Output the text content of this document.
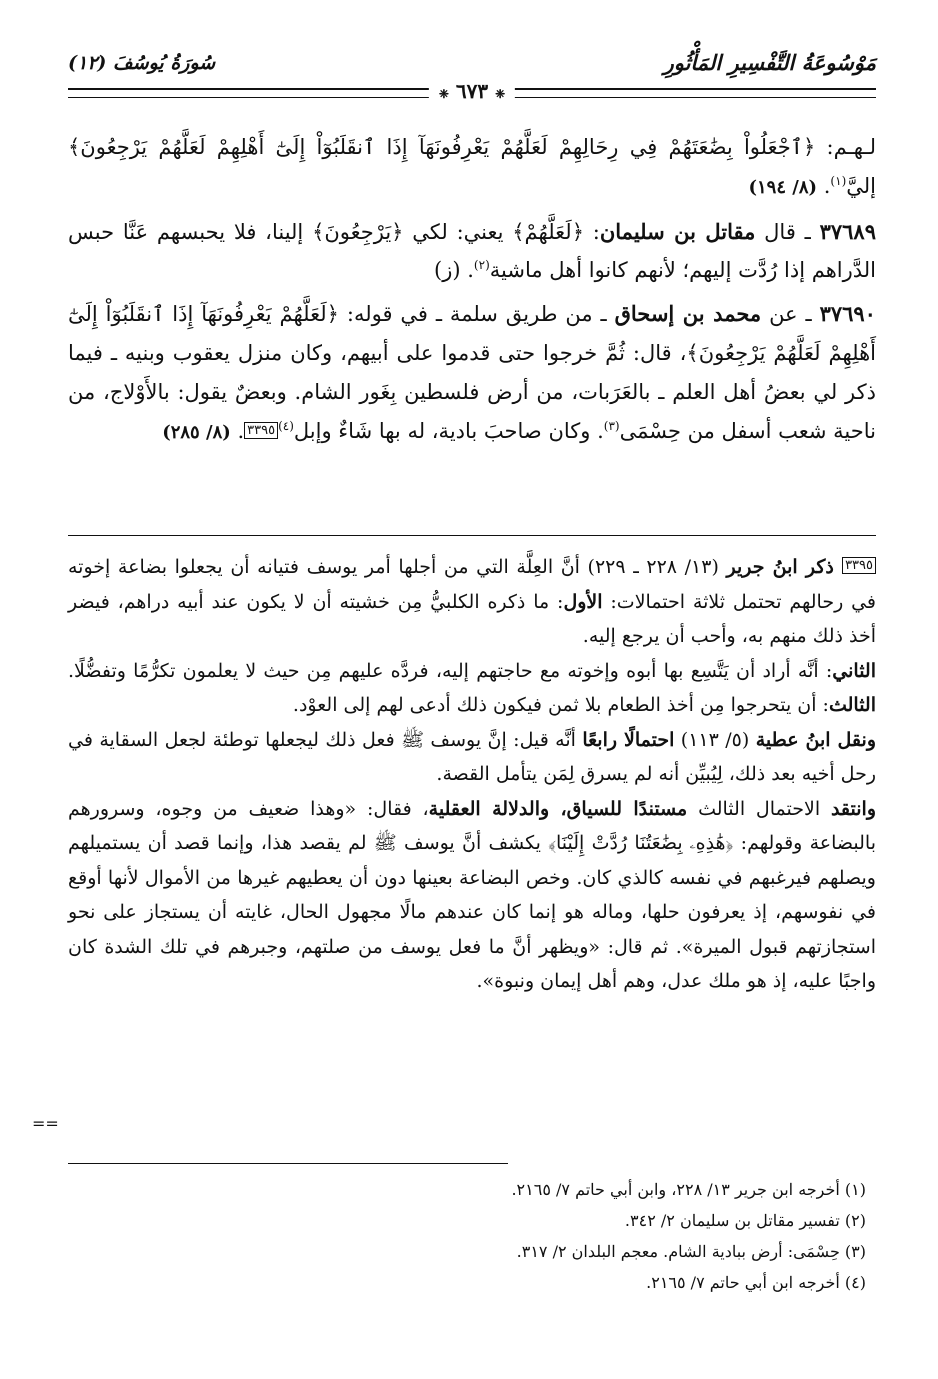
مَوْسُوعَةُ التَّفْسِيرِ المَأْثُورِ
سُورَةُ يُوسُفَ (١٢)
❈ ٦٧٣ ❈

لـهـم: ﴿ٱجْعَلُواْ بِضَٰعَتَهُمْ فِي رِحَالِهِمْ لَعَلَّهُمْ يَعْرِفُونَهَآ إِذَا ٱنقَلَبُوٓاْ إِلَىٰٓ أَهْلِهِمْ لَعَلَّهُمْ يَرْجِعُونَ﴾ إليَّ$^{(١)}$. (٨/ ١٩٤)

٣٧٦٨٩ ـ قال مقاتل بن سليمان: ﴿لَعَلَّهُمْ﴾ يعني: لكي ﴿يَرْجِعُونَ﴾ إلينا، فلا يحبسهم عَنَّا حبس الدَّراهم إذا رُدَّت إليهم؛ لأنهم كانوا أهل ماشية$^{(٢)}$. (ز)

٣٧٦٩٠ ـ عن محمد بن إسحاق ـ من طريق سلمة ـ في قوله: ﴿لَعَلَّهُمْ يَعْرِفُونَهَآ إِذَا ٱنقَلَبُوٓاْ إِلَىٰٓ أَهْلِهِمْ لَعَلَّهُمْ يَرْجِعُونَ﴾، قال: ثُمَّ خرجوا حتى قدموا على أبيهم، وكان منزل يعقوب وبنيه ـ فيما ذكر لي بعضُ أهل العلم ـ بالعَرَبات، من أرض فلسطين بِغَور الشام. وبعضٌ يقول: بالأَوْلاج، من ناحية شعب أسفل من حِسْمَى$^{(٣)}$. وكان صاحبَ بادية، له بها شَاءٌ وإبل$^{(٤)}$٣٣٩٥. (٨/ ٢٨٥)

$^{٣٣٩٥}$ ذكر ابنُ جرير (١٣/ ٢٢٨ ـ ٢٢٩) أنَّ العِلَّة التي من أجلها أمر يوسف فتيانه أن يجعلوا بضاعة إخوته في رحالهم تحتمل ثلاثة احتمالات: الأول: ما ذكره الكلبيُّ مِن خشيته أن لا يكون عند أبيه دراهم، فيضر أخذ ذلك منهم به، وأحب أن يرجع إليه.

الثاني: أنَّه أراد أن يَتَّسِع بها أبوه وإخوته مع حاجتهم إليه، فردَّه عليهم مِن حيث لا يعلمون تكرُّمًا وتفضُّلًا. الثالث: أن يتحرجوا مِن أخذ الطعام بلا ثمن فيكون ذلك أدعى لهم إلى العوْد.

ونقل ابنُ عطية (٥/ ١١٣) احتمالًا رابعًا أنَّه قيل: إنَّ يوسف ﷺ فعل ذلك ليجعلها توطئة لجعل السقاية في رحل أخيه بعد ذلك، لِيُبيِّن أنه لم يسرق لِمَن يتأمل القصة.

وانتقد الاحتمال الثالث مستندًا للسياق، والدلالة العقلية، فقال: «وهذا ضعيف من وجوه، وسرورهم بالبضاعة وقولهم: ﴿هَٰذِهِۦ بِضَٰعَتُنَا رُدَّتْ إِلَيْنَا﴾ يكشف أنَّ يوسف ﷺ لم يقصد هذا، وإنما قصد أن يستميلهم ويصلهم فيرغبهم في نفسه كالذي كان. وخص البضاعة بعينها دون أن يعطيهم غيرها من الأموال لأنها أوقع في نفوسهم، إذ يعرفون حلها، وماله هو إنما كان عندهم مالًا مجهول الحال، غايته أن يستجاز على نحو استجازتهم قبول الميرة». ثم قال: «ويظهر أنَّ ما فعل يوسف من صلتهم، وجبرهم في تلك الشدة كان واجبًا عليه، إذ هو ملك عدل، وهم أهل إيمان ونبوة».

==
(١) أخرجه ابن جرير ١٣/ ٢٢٨، وابن أبي حاتم ٧/ ٢١٦٥.
(٢) تفسير مقاتل بن سليمان ٢/ ٣٤٢.
(٣) حِسْمَى: أرض ببادية الشام. معجم البلدان ٢/ ٣١٧.
(٤) أخرجه ابن أبي حاتم ٧/ ٢١٦٥.
